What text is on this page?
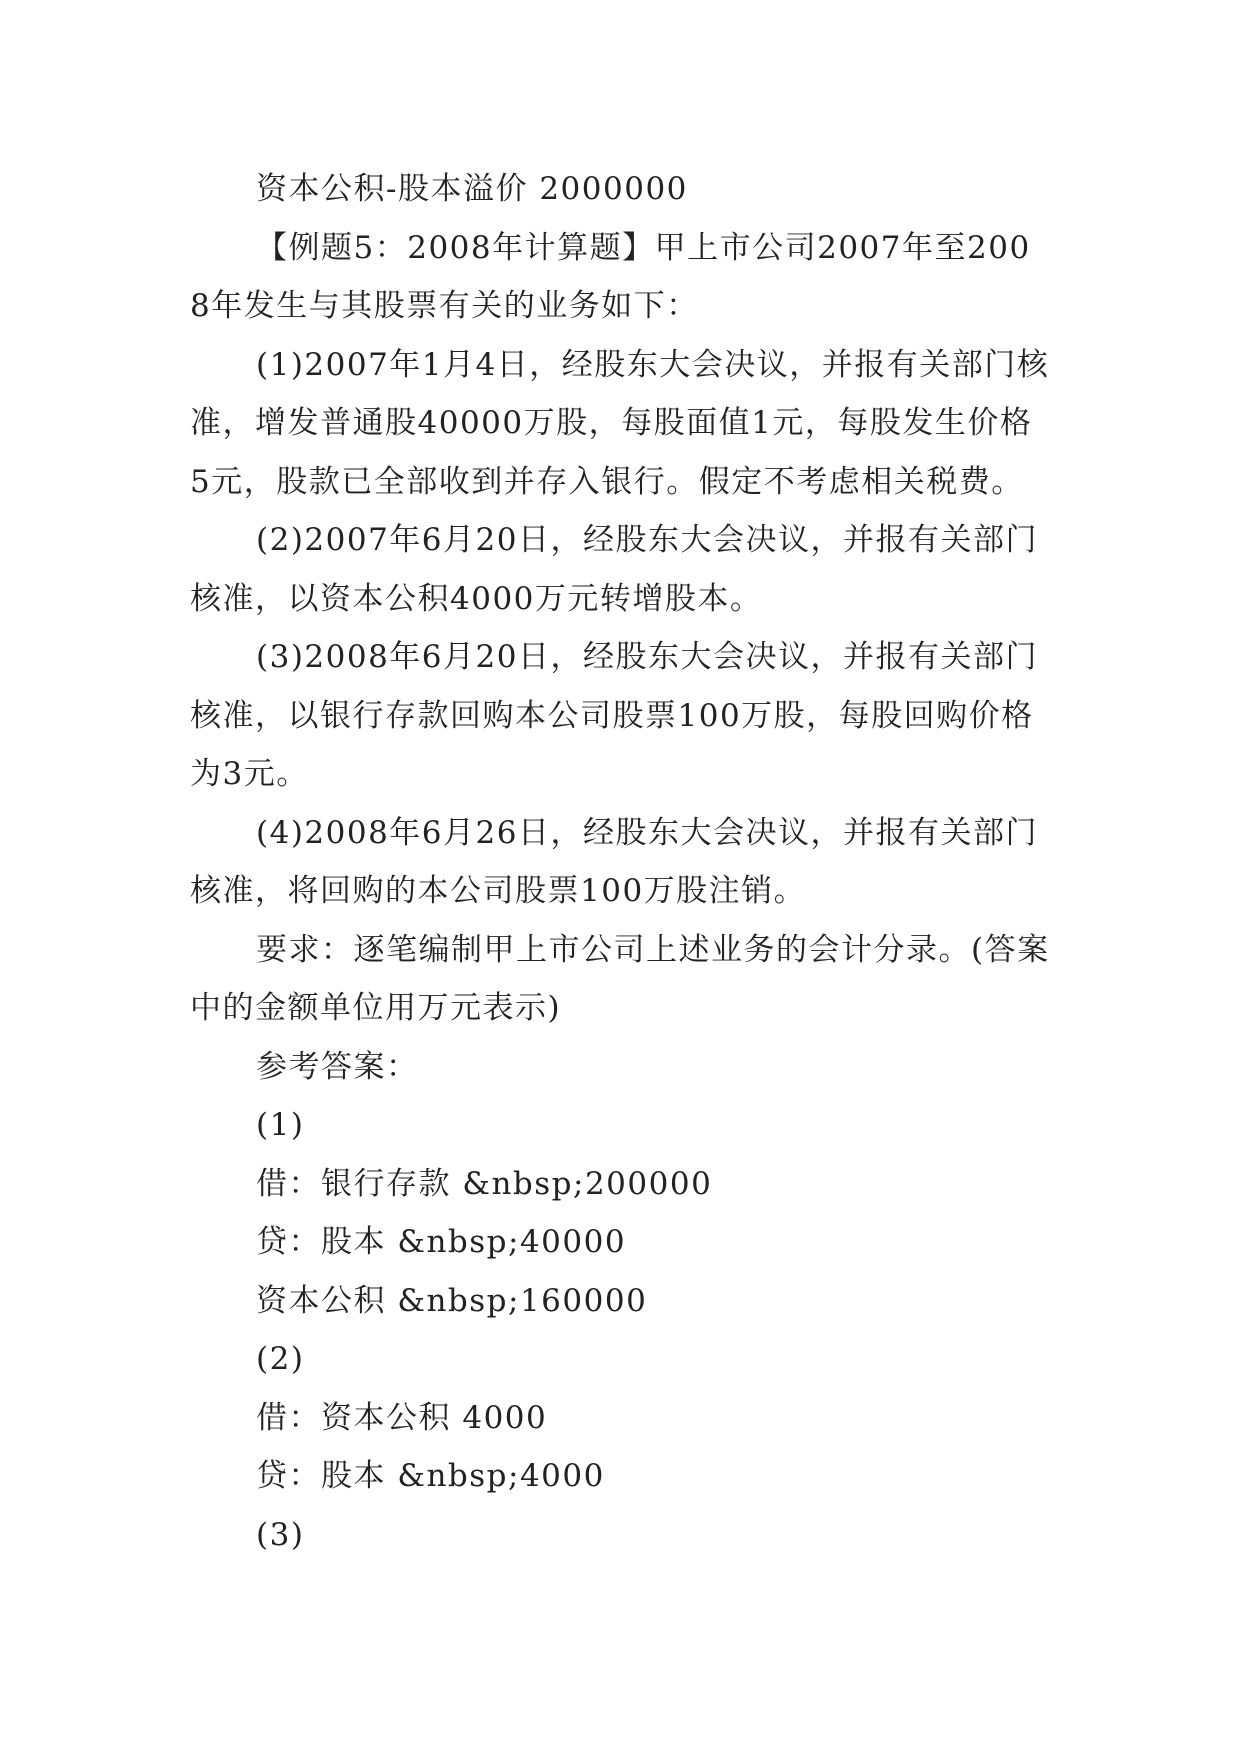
资本公积-股本溢价 2000000

【例题5：2008年计算题】甲上市公司2007年至2008年发生与其股票有关的业务如下：

(1)2007年1月4日，经股东大会决议，并报有关部门核准，增发普通股40000万股，每股面值1元，每股发生价格5元，股款已全部收到并存入银行。假定不考虑相关税费。

(2)2007年6月20日，经股东大会决议，并报有关部门核准，以资本公积4000万元转增股本。

(3)2008年6月20日，经股东大会决议，并报有关部门核准，以银行存款回购本公司股票100万股，每股回购价格为3元。

(4)2008年6月26日，经股东大会决议，并报有关部门核准，将回购的本公司股票100万股注销。

要求：逐笔编制甲上市公司上述业务的会计分录。(答案中的金额单位用万元表示)

参考答案：

(1)

借：银行存款 &nbsp;200000

贷：股本 &nbsp;40000

资本公积 &nbsp;160000

(2)

借：资本公积 4000

贷：股本 &nbsp;4000

(3)
